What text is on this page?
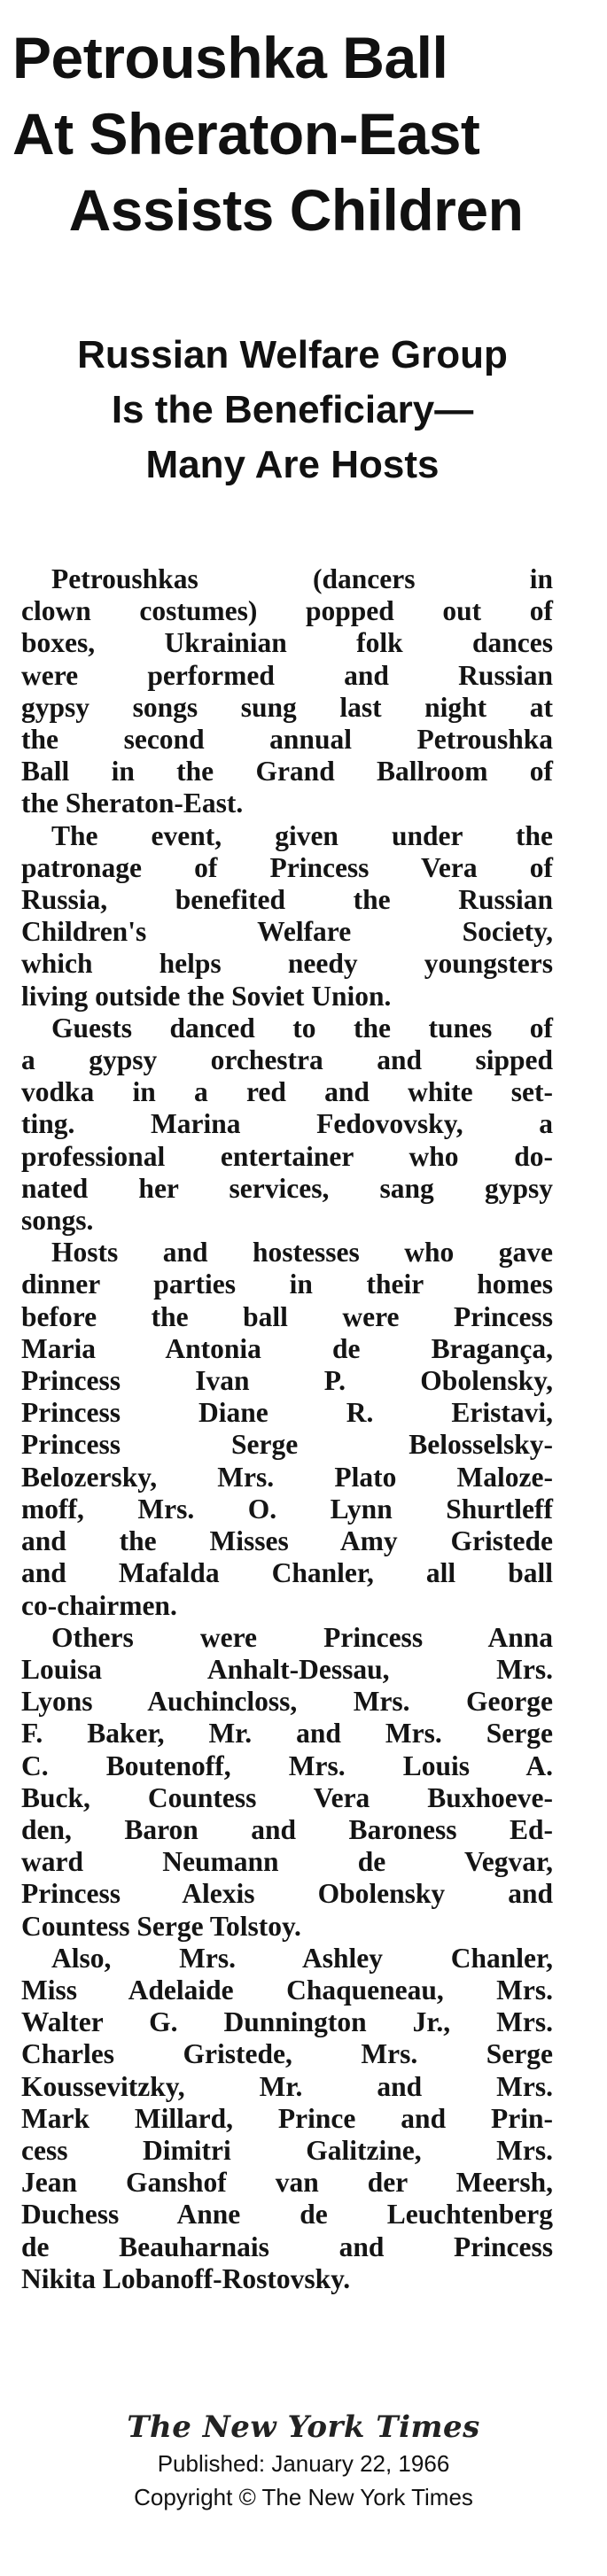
Petroushka Ball
At Sheraton-East
Assists Children
Russian Welfare Group
Is the Beneficiary—
Many Are Hosts
Petroushkas (dancers in
clown costumes) popped out of
boxes, Ukrainian folk dances
were performed and Russian
gypsy songs sung last night at
the second annual Petroushka
Ball in the Grand Ballroom of
the Sheraton-East.
The event, given under the
patronage of Princess Vera of
Russia, benefited the Russian
Children's Welfare Society,
which helps needy youngsters
living outside the Soviet Union.
Guests danced to the tunes of
a gypsy orchestra and sipped
vodka in a red and white set-
ting. Marina Fedovovsky, a
professional entertainer who do-
nated her services, sang gypsy
songs.
Hosts and hostesses who gave
dinner parties in their homes
before the ball were Princess
Maria Antonia de Bragança,
Princess Ivan P. Obolensky,
Princess Diane R. Eristavi,
Princess Serge Belosselsky-
Belozersky, Mrs. Plato Maloze-
moff, Mrs. O. Lynn Shurtleff
and the Misses Amy Gristede
and Mafalda Chanler, all ball
co-chairmen.
Others were Princess Anna
Louisa Anhalt-Dessau, Mrs.
Lyons Auchincloss, Mrs. George
F. Baker, Mr. and Mrs. Serge
C. Boutenoff, Mrs. Louis A.
Buck, Countess Vera Buxhoeve-
den, Baron and Baroness Ed-
ward Neumann de Vegvar,
Princess Alexis Obolensky and
Countess Serge Tolstoy.
Also, Mrs. Ashley Chanler,
Miss Adelaide Chaqueneau, Mrs.
Walter G. Dunnington Jr., Mrs.
Charles Gristede, Mrs. Serge
Koussevitzky, Mr. and Mrs.
Mark Millard, Prince and Prin-
cess Dimitri Galitzine, Mrs.
Jean Ganshof van der Meersh,
Duchess Anne de Leuchtenberg
de Beauharnais and Princess
Nikita Lobanoff-Rostovsky.
The New York Times
Published: January 22, 1966
Copyright © The New York Times
